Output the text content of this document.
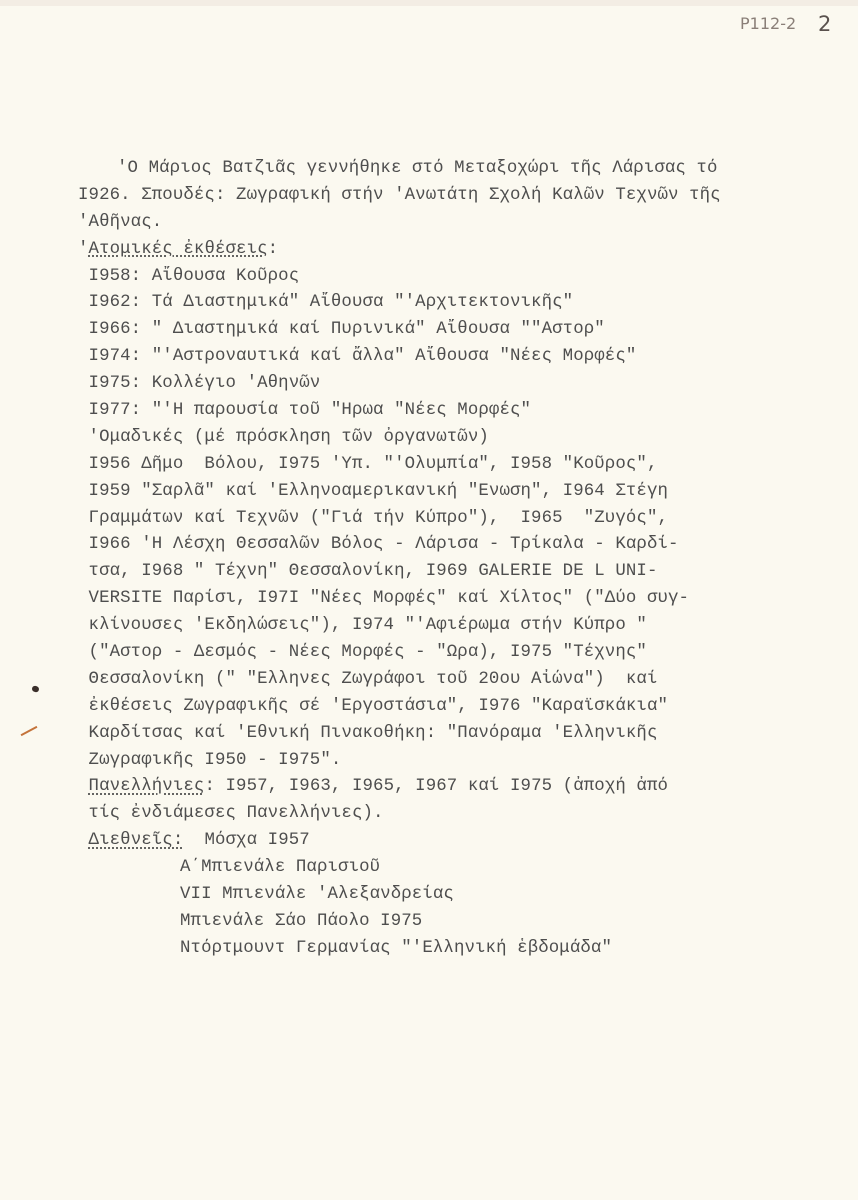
Ρ112-2 2
'Ο Μάριος Βατζιᾶς γεννήθηκε στό Μεταξοχώρι τῆς Λάρισας τό
Ι926. Σπουδές: Ζωγραφική στήν 'Ανωτάτη Σχολή Καλῶν Τεχνῶν τῆς
'Αθῆνας.
'Ατομικές ἐκθέσεις:
Ι958: Αἴθουσα Κοῦρος
Ι962: Τά Διαστημικά" Αἴθουσα "'Αρχιτεκτονικῆς"
Ι966: " Διαστημικά καί Πυρινικά" Αἴθουσα ""Αστορ"
Ι974: "'Αστροναυτικά καί ἄλλα" Αἴθουσα "Νέες Μορφές"
Ι975: Κολλέγιο 'Αθηνῶν
Ι977: "'Η παρουσία τοῦ "Ηρωα "Νέες Μορφές"
'Ομαδικές (μέ πρόσκληση τῶν ὀργανωτῶν)
Ι956 Δῆμο  Βόλου, Ι975 'Υπ. "'Ολυμπία", Ι958 "Κοῦρος",
Ι959 "Σαρλᾶ" καί 'Ελληνοαμερικανική "Ενωση", Ι964 Στέγη
Γραμμάτων καί Τεχνῶν ("Γιά τήν Κύπρο"),  Ι965  "Ζυγός",
Ι966 'Η Λέσχη Θεσσαλῶν Βόλος - Λάρισα - Τρίκαλα - Καρδί-
τσα, Ι968 " Τέχνη" Θεσσαλονίκη, Ι969 GALERIE DE L UNI-
VERSITE Παρίσι, Ι97Ι "Νέες Μορφές" καί Χίλτος" ("Δύο συγ-
κλίνουσες 'Εκδηλώσεις"), Ι974 "'Αφιέρωμα στήν Κύπρο "
("Αστορ - Δεσμός - Νέες Μορφές - "Ωρα), Ι975 "Τέχνης"
Θεσσαλονίκη (" "Ελληνες Ζωγράφοι τοῦ 20ου Αἰώνα")  καί
ἐκθέσεις Ζωγραφικῆς σέ 'Εργοστάσια", Ι976 "Καραϊσκάκια"
Καρδίτσας καί 'Εθνική Πινακοθήκη: "Πανόραμα 'Ελληνικῆς
Ζωγραφικῆς Ι950 - Ι975".
Πανελλήνιες: Ι957, Ι963, Ι965, Ι967 καί Ι975 (ἀποχή ἀπό
τίς ἐνδιάμεσες Πανελλήνιες).
Διεθνεῖς:  Μόσχα Ι957
Α΄Μπιενάλε Παρισιοῦ
VII Μπιενάλε 'Αλεξανδρείας
Μπιενάλε Σάο Πάολο Ι975
Ντόρτμουντ Γερμανίας "'Ελληνική ἑβδομάδα"
